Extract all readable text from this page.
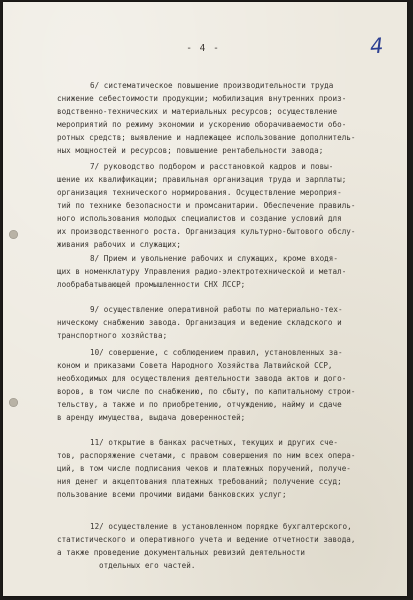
- 4 -	4
6/ систематическое повышение производительности труда
снижение себестоимости продукции; мобилизация внутренних произ-
водственно-технических и материальных ресурсов; осуществление
мероприятий по режиму экономии и ускорению оборачиваемости обо-
ротных средств; выявление и надлежащее использование дополнитель-
ных мощностей и ресурсов; повышение рентабельности завода;
7/ руководство подбором и расстановкой кадров и повы-
шение их квалификации; правильная организация труда и зарплаты;
организация технического нормирования. Осуществление мероприя-
тий по технике безопасности и промсанитарии. Обеспечение правиль-
ного использования молодых специалистов и создание условий для
их производственного роста. Организация культурно-бытового обслу-
живания рабочих и служащих;
8/ Прием и увольнение рабочих и служащих, кроме входя-
щих в номенклатуру Управления радио-электротехнической и метал-
лообрабатывающей промышленности СНХ ЛССР;
9/ осуществление оперативной работы по материально-тех-
ническому снабжению завода. Организация и ведение складского и
транспортного хозяйства;
10/ совершение, с соблюдением правил, установленных за-
коном и приказами Совета Народного Хозяйства Латвийской ССР,
необходимых для осуществления деятельности завода актов и дого-
воров, в том числе по снабжению, по сбыту, по капитальному строи-
тельству, а также и по приобретению, отчуждению, найму и сдаче
в аренду имущества, выдача доверенностей;
11/ открытие в банках расчетных, текущих и других сче-
тов, распоряжение счетами, с правом совершения по ним всех опера-
ций, в том числе подписания чеков и платежных поручений, получе-
ния денег и акцептования платежных требований; получение ссуд;
пользование всеми прочими видами банковских услуг;
12/ осуществление в установленном порядке бухгалтерского,
статистического и оперативного учета и ведение отчетности завода,
а также проведение документальных ревизий деятельности
отдельных его частей.
